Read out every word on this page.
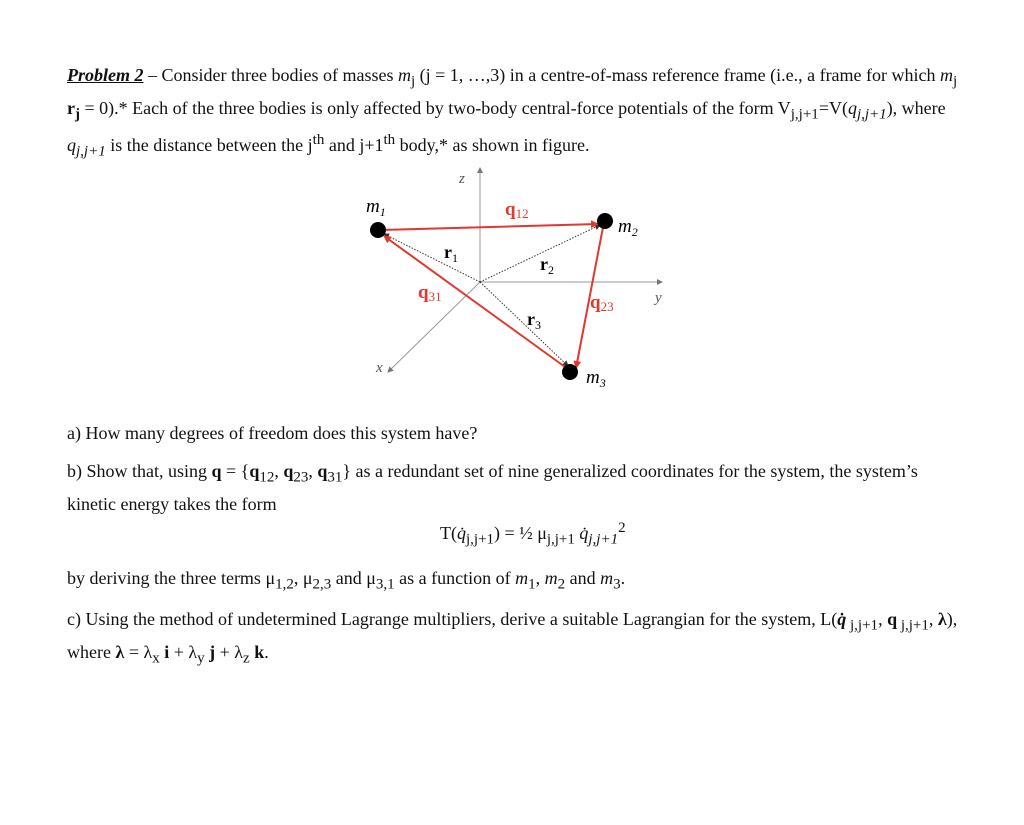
Problem 2 – Consider three bodies of masses $m_j$ (j = 1, …,3) in a centre-of-mass reference frame (i.e., a frame for which $m_j$ $r_j = 0).*$ Each of the three bodies is only affected by two-body central-force potentials of the form $V_{j,j+1}=V(q_{j,j+1})$, where $q_{j,j+1}$ is the distance between the $j^{th}$ and j+1th body,* as shown in figure.
z
y
x
$m_1$
$m_2$
$m_3$
$r_1$	$r_2$
$r_3$
q12
q23
q31
a) How many degrees of freedom does this system have?
b) Show that, using $q = \{q_{12}$, $q_{23}$, $q_{31}$} as a redundant set of nine generalized coordinates for the system, the system’s kinetic energy takes the form
$T(q̇_{j,j+1})$ = ½ $\mu_{j,j+1}$ $q̇_{j,j+1}^2$
by deriving the three terms $\mu_{1,2}$, $\mu_{2,3}$ and $\mu_{3,1}$ as a function of $m_1$, $m_2$ and $m_3$.
c) Using the method of undetermined Lagrange multipliers, derive a suitable Lagrangian for the system, L(q̇ $_{j,j+1}$, q $_{j,j+1}$, λ), where $\lambda = \lambda_x$ $i + \lambda_y$ $j + \lambda_z$ k.
